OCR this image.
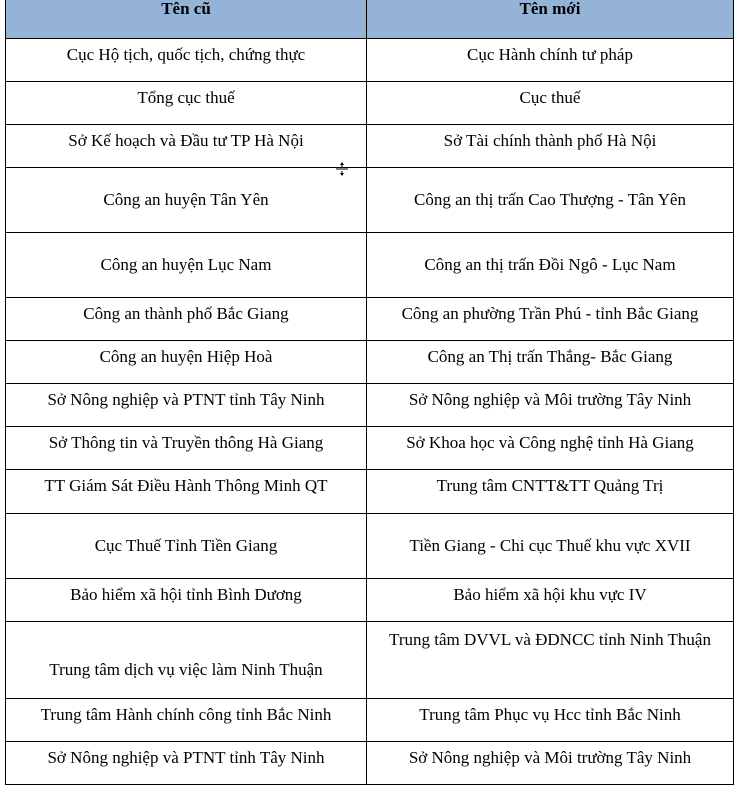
Tên cũ	Tên mới
Cục Hộ tịch, quốc tịch, chứng thực	Cục Hành chính tư pháp
Tổng cục thuế	Cục thuế
Sở Kế hoạch và Đầu tư TP Hà Nội	Sở Tài chính thành phố Hà Nội
Công an huyện Tân Yên	Công an thị trấn Cao Thượng - Tân Yên
Công an huyện Lục Nam	Công an thị trấn Đồi Ngô - Lục Nam
Công an thành phố Bắc Giang	Công an phường Trần Phú - tỉnh Bắc Giang
Công an huyện Hiệp Hoà	Công an Thị trấn Thắng- Bắc Giang
Sở Nông nghiệp và PTNT tỉnh Tây Ninh	Sở Nông nghiệp và Môi trường Tây Ninh
Sở Thông tin và Truyền thông Hà Giang	Sở Khoa học và Công nghệ tỉnh Hà Giang
TT Giám Sát Điều Hành Thông Minh QT	Trung tâm CNTT&TT Quảng Trị
Cục Thuế Tỉnh Tiền Giang	Tiền Giang - Chi cục Thuế khu vực XVII
Bảo hiểm xã hội tỉnh Bình Dương	Bảo hiểm xã hội khu vực IV
Trung tâm dịch vụ việc làm Ninh Thuận	Trung tâm DVVL và ĐDNCC tỉnh Ninh Thuận
Trung tâm Hành chính công tỉnh Bắc Ninh	Trung tâm Phục vụ Hcc tỉnh Bắc Ninh
Sở Nông nghiệp và PTNT tỉnh Tây Ninh	Sở Nông nghiệp và Môi trường Tây Ninh
